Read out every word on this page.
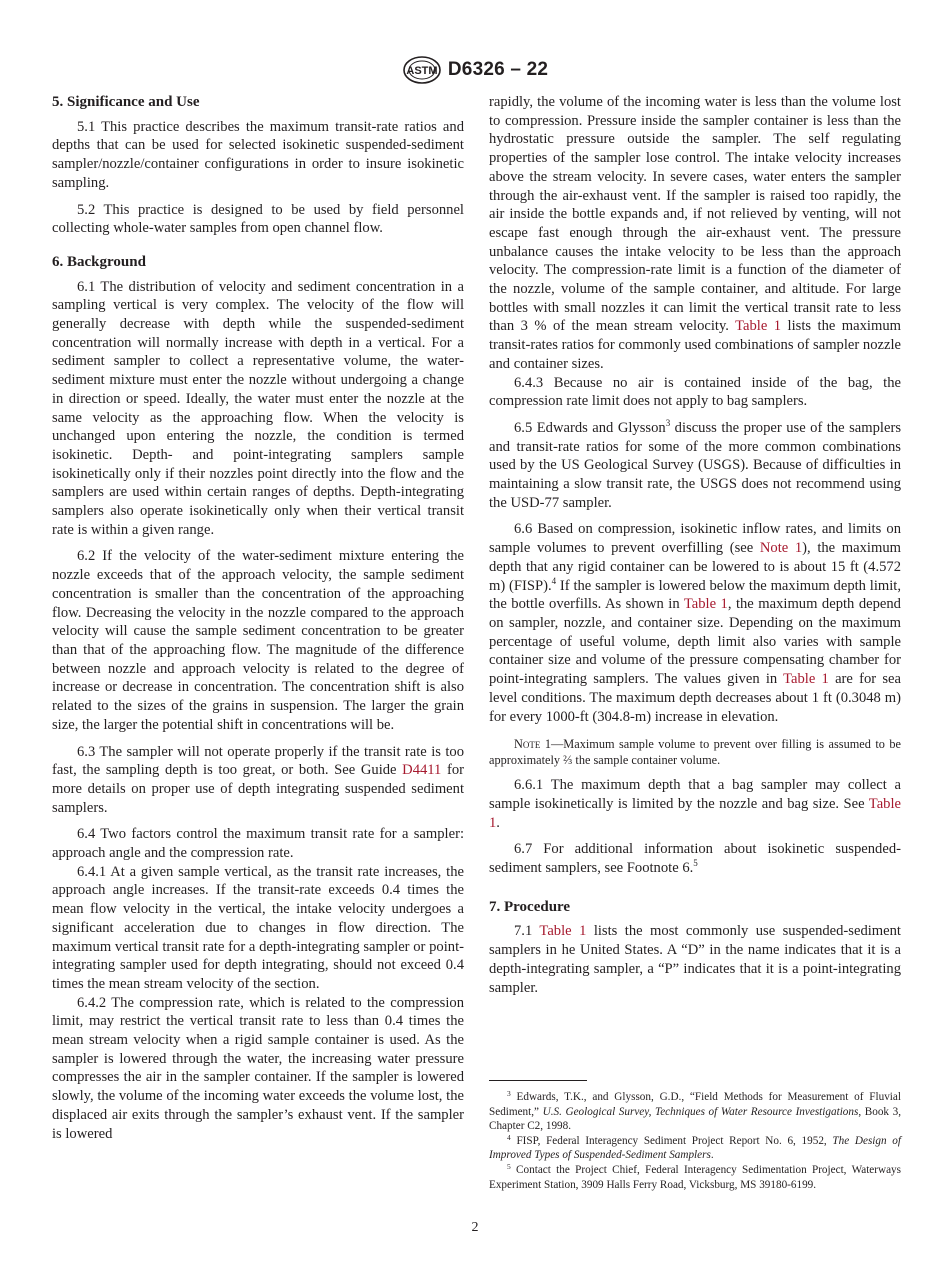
ASTM D6326 – 22
5. Significance and Use

5.1 This practice describes the maximum transit-rate ratios and depths that can be used for selected isokinetic suspended-sediment sampler/nozzle/container configurations in order to insure isokinetic sampling.

5.2 This practice is designed to be used by field personnel collecting whole-water samples from open channel flow.

6. Background

6.1 The distribution of velocity and sediment concentration in a sampling vertical is very complex. The velocity of the flow will generally decrease with depth while the suspended-sediment concentration will normally increase with depth in a vertical. For a sediment sampler to collect a representative volume, the water-sediment mixture must enter the nozzle without undergoing a change in direction or speed. Ideally, the water must enter the nozzle at the same velocity as the approaching flow. When the velocity is unchanged upon entering the nozzle, the condition is termed isokinetic. Depth- and point-integrating samplers sample isokinetically only if their nozzles point directly into the flow and the samplers are used within certain ranges of depths. Depth-integrating samplers also operate isokinetically only when their vertical transit rate is within a given range.

6.2 If the velocity of the water-sediment mixture entering the nozzle exceeds that of the approach velocity, the sample sediment concentration is smaller than the concentration of the approaching flow. Decreasing the velocity in the nozzle compared to the approach velocity will cause the sample sediment concentration to be greater than that of the approaching flow. The magnitude of the difference between nozzle and approach velocity is related to the degree of increase or decrease in concentration. The concentration shift is also related to the sizes of the grains in suspension. The larger the grain size, the larger the potential shift in concentrations will be.

6.3 The sampler will not operate properly if the transit rate is too fast, the sampling depth is too great, or both. See Guide D4411 for more details on proper use of depth integrating suspended sediment samplers.

6.4 Two factors control the maximum transit rate for a sampler: approach angle and the compression rate.

6.4.1 At a given sample vertical, as the transit rate increases, the approach angle increases. If the transit-rate exceeds 0.4 times the mean flow velocity in the vertical, the intake velocity undergoes a significant acceleration due to changes in flow direction. The maximum vertical transit rate for a depth-integrating sampler or point-integrating sampler used for depth integrating, should not exceed 0.4 times the mean stream velocity of the section.

6.4.2 The compression rate, which is related to the compression limit, may restrict the vertical transit rate to less than 0.4 times the mean stream velocity when a rigid sample container is used. As the sampler is lowered through the water, the increasing water pressure compresses the air in the sampler container. If the sampler is lowered slowly, the volume of the incoming water exceeds the volume lost, the displaced air exits through the sampler’s exhaust vent. If the sampler is lowered

rapidly, the volume of the incoming water is less than the volume lost to compression. Pressure inside the sampler container is less than the hydrostatic pressure outside the sampler. The self regulating properties of the sampler lose control. The intake velocity increases above the stream velocity. In severe cases, water enters the sampler through the air-exhaust vent. If the sampler is raised too rapidly, the air inside the bottle expands and, if not relieved by venting, will not escape fast enough through the air-exhaust vent. The pressure unbalance causes the intake velocity to be less than the approach velocity. The compression-rate limit is a function of the diameter of the nozzle, volume of the sample container, and altitude. For large bottles with small nozzles it can limit the vertical transit rate to less than 3 % of the mean stream velocity. Table 1 lists the maximum transit-rates ratios for commonly used combinations of sampler nozzle and container sizes.

6.4.3 Because no air is contained inside of the bag, the compression rate limit does not apply to bag samplers.

6.5 Edwards and Glysson$^3$ discuss the proper use of the samplers and transit-rate ratios for some of the more common combinations used by the US Geological Survey (USGS). Because of difficulties in maintaining a slow transit rate, the USGS does not recommend using the USD-77 sampler.

6.6 Based on compression, isokinetic inflow rates, and limits on sample volumes to prevent overfilling (see Note 1), the maximum depth that any rigid container can be lowered to is about 15 ft (4.572 m) (FISP).$^4$ If the sampler is lowered below the maximum depth limit, the bottle overfills. As shown in Table 1, the maximum depth depend on sampler, nozzle, and container size. Depending on the maximum percentage of useful volume, depth limit also varies with sample container size and volume of the pressure compensating chamber for point-integrating samplers. The values given in Table 1 are for sea level conditions. The maximum depth decreases about 1 ft (0.3048 m) for every 1000-ft (304.8-m) increase in elevation.

Note 1—Maximum sample volume to prevent over filling is assumed to be approximately ⅔ the sample container volume.

6.6.1 The maximum depth that a bag sampler may collect a sample isokinetically is limited by the nozzle and bag size. See Table 1.

6.7 For additional information about isokinetic suspended-sediment samplers, see Footnote 6.$^5$

7. Procedure

7.1 Table 1 lists the most commonly use suspended-sediment samplers in he United States. A “D” in the name indicates that it is a depth-integrating sampler, a “P” indicates that it is a point-integrating sampler.

$^3$ Edwards, T.K., and Glysson, G.D., “Field Methods for Measurement of Fluvial Sediment,” U.S. Geological Survey, Techniques of Water Resource Investigations, Book 3, Chapter C2, 1998.

$^4$ FISP, Federal Interagency Sediment Project Report No. 6, 1952, The Design of Improved Types of Suspended-Sediment Samplers.

$^5$ Contact the Project Chief, Federal Interagency Sedimentation Project, Waterways Experiment Station, 3909 Halls Ferry Road, Vicksburg, MS 39180-6199.

2
